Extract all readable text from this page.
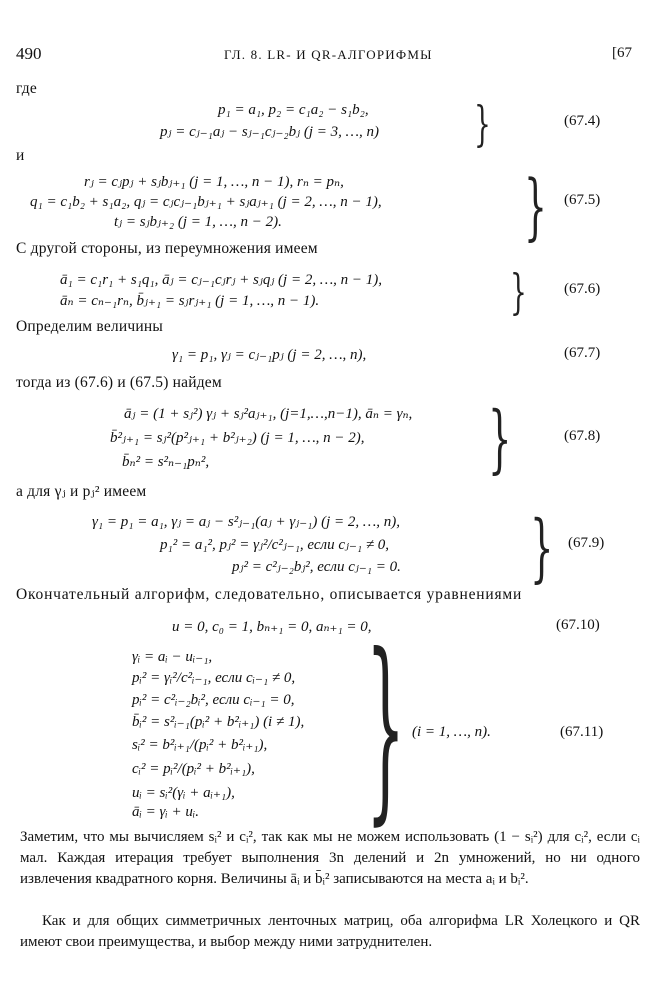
490	ГЛ. 8. LR- И QR-АЛГОРИФМЫ	[67
где
p₁ = a₁, p₂ = c₁a₂ − s₁b₂,
pⱼ = cⱼ₋₁aⱼ − sⱼ₋₁cⱼ₋₂bⱼ (j = 3, …, n) }	(67.4)
и
rⱼ = cⱼpⱼ + sⱼbⱼ₊₁ (j = 1, …, n − 1), rₙ = pₙ,
q₁ = c₁b₂ + s₁a₂, qⱼ = cⱼcⱼ₋₁bⱼ₊₁ + sⱼaⱼ₊₁ (j = 2, …, n − 1),
tⱼ = sⱼbⱼ₊₂ (j = 1, …, n − 2).	} (67.5)
С другой стороны, из переумножения имеем
ā₁ = c₁r₁ + s₁q₁, āⱼ = cⱼ₋₁cⱼrⱼ + sⱼqⱼ (j = 2, …, n − 1),
āₙ = cₙ₋₁rₙ, b̄ⱼ₊₁ = sⱼrⱼ₊₁ (j = 1, …, n − 1).	} (67.6)
Определим величины
γ₁ = p₁, γⱼ = cⱼ₋₁pⱼ (j = 2, …, n),	(67.7)
тогда из (67.6) и (67.5) найдем
āⱼ = (1 + sⱼ²) γⱼ + sⱼ²aⱼ₊₁, (j=1,…,n−1), āₙ = γₙ,
b̄²ⱼ₊₁ = sⱼ²(p²ⱼ₊₁ + b²ⱼ₊₂) (j = 1, …, n − 2),
b̄ₙ² = s²ₙ₋₁pₙ²,	}	(67.8)
а для γⱼ и pⱼ² имеем
γ₁ = p₁ = a₁, γⱼ = aⱼ − s²ⱼ₋₁(aⱼ + γⱼ₋₁) (j = 2, …, n),
p₁² = a₁², pⱼ² = γⱼ²/c²ⱼ₋₁, если cⱼ₋₁ ≠ 0,
pⱼ² = c²ⱼ₋₂bⱼ², если cⱼ₋₁ = 0. } (67.9)
Окончательный алгорифм, следовательно, описывается уравнениями
u = 0, c₀ = 1, bₙ₊₁ = 0, aₙ₊₁ = 0,	(67.10)
γᵢ = aᵢ − uᵢ₋₁,
pᵢ² = γᵢ²/c²ᵢ₋₁, если cᵢ₋₁ ≠ 0,
pᵢ² = c²ᵢ₋₂bᵢ², если cᵢ₋₁ = 0,
b̄ᵢ² = s²ᵢ₋₁(pᵢ² + b²ᵢ₊₁) (i ≠ 1),
sᵢ² = b²ᵢ₊₁/(pᵢ² + b²ᵢ₊₁),
cᵢ² = pᵢ²/(pᵢ² + b²ᵢ₊₁),
uᵢ = sᵢ²(γᵢ + aᵢ₊₁),
āᵢ = γᵢ + uᵢ. } (i = 1, …, n).	(67.11)
Заметим, что мы вычисляем sᵢ² и cᵢ², так как мы не можем использовать (1 − sᵢ²) для cᵢ², если cᵢ мал. Каждая итерация требует выполнения 3n делений и 2n умножений, но ни одного извлечения квадратного корня. Величины āᵢ и b̄ᵢ² записываются на места aᵢ и bᵢ².
Как и для общих симметричных ленточных матриц, оба алгорифма LR Холецкого и QR имеют свои преимущества, и выбор между ними затруднителен.
